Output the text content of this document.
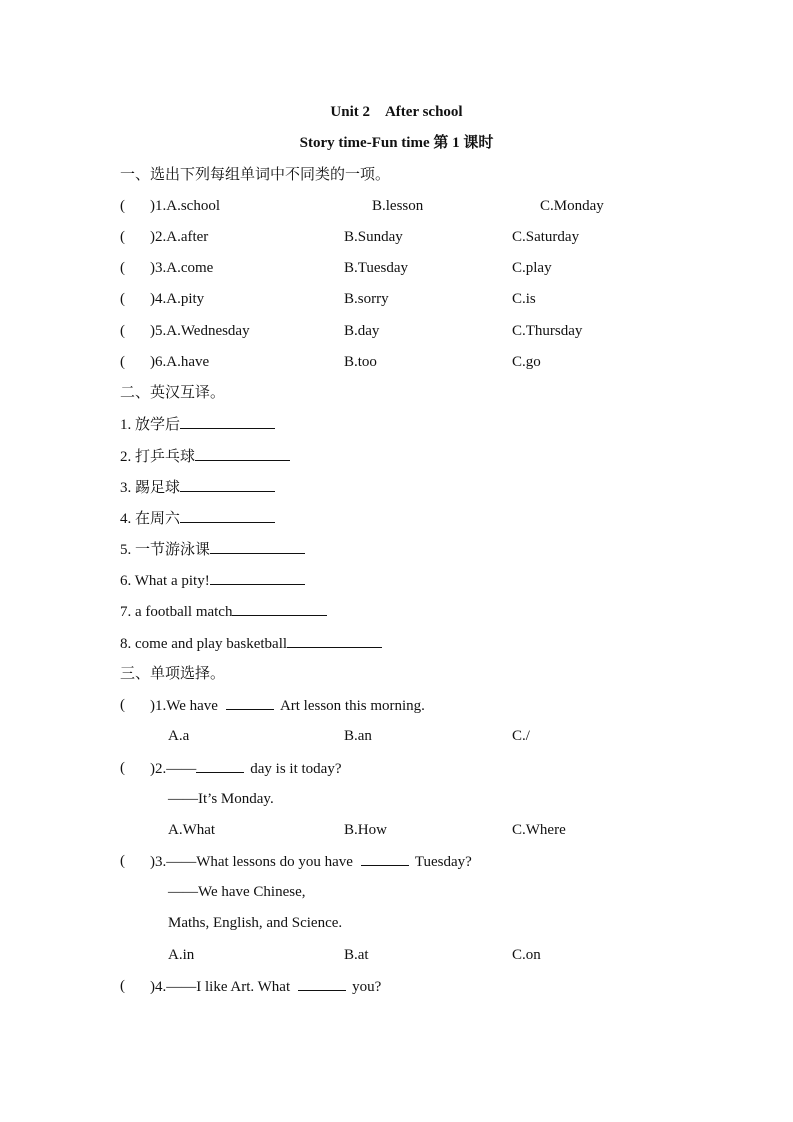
Unit 2　After school
Story time-Fun time 第 1 课时
一、选出下列每组单词中不同类的一项。
( )1.A.school	B.lesson	C.Monday
( )2.A.after	B.Sunday	C.Saturday
( )3.A.come	B.Tuesday	C.play
( )4.A.pity	B.sorry	C.is
( )5.A.Wednesday	B.day	C.Thursday
( )6.A.have	B.too	C.go
二、英汉互译。
1. 放学后
2. 打乒乓球
3. 踢足球
4. 在周六
5. 一节游泳课
6. What a pity!
7. a football match
8. come and play basketball
三、单项选择。
( )1.We have	Art lesson this morning.
A.a	B.an	C./
( )2.——	day is it today?
——It’s Monday.
A.What	B.How	C.Where
( )3.——What lessons do you have	Tuesday?
——We have Chinese,
Maths, English, and Science.
A.in	B.at	C.on
( )4.——I like Art. What	you?
